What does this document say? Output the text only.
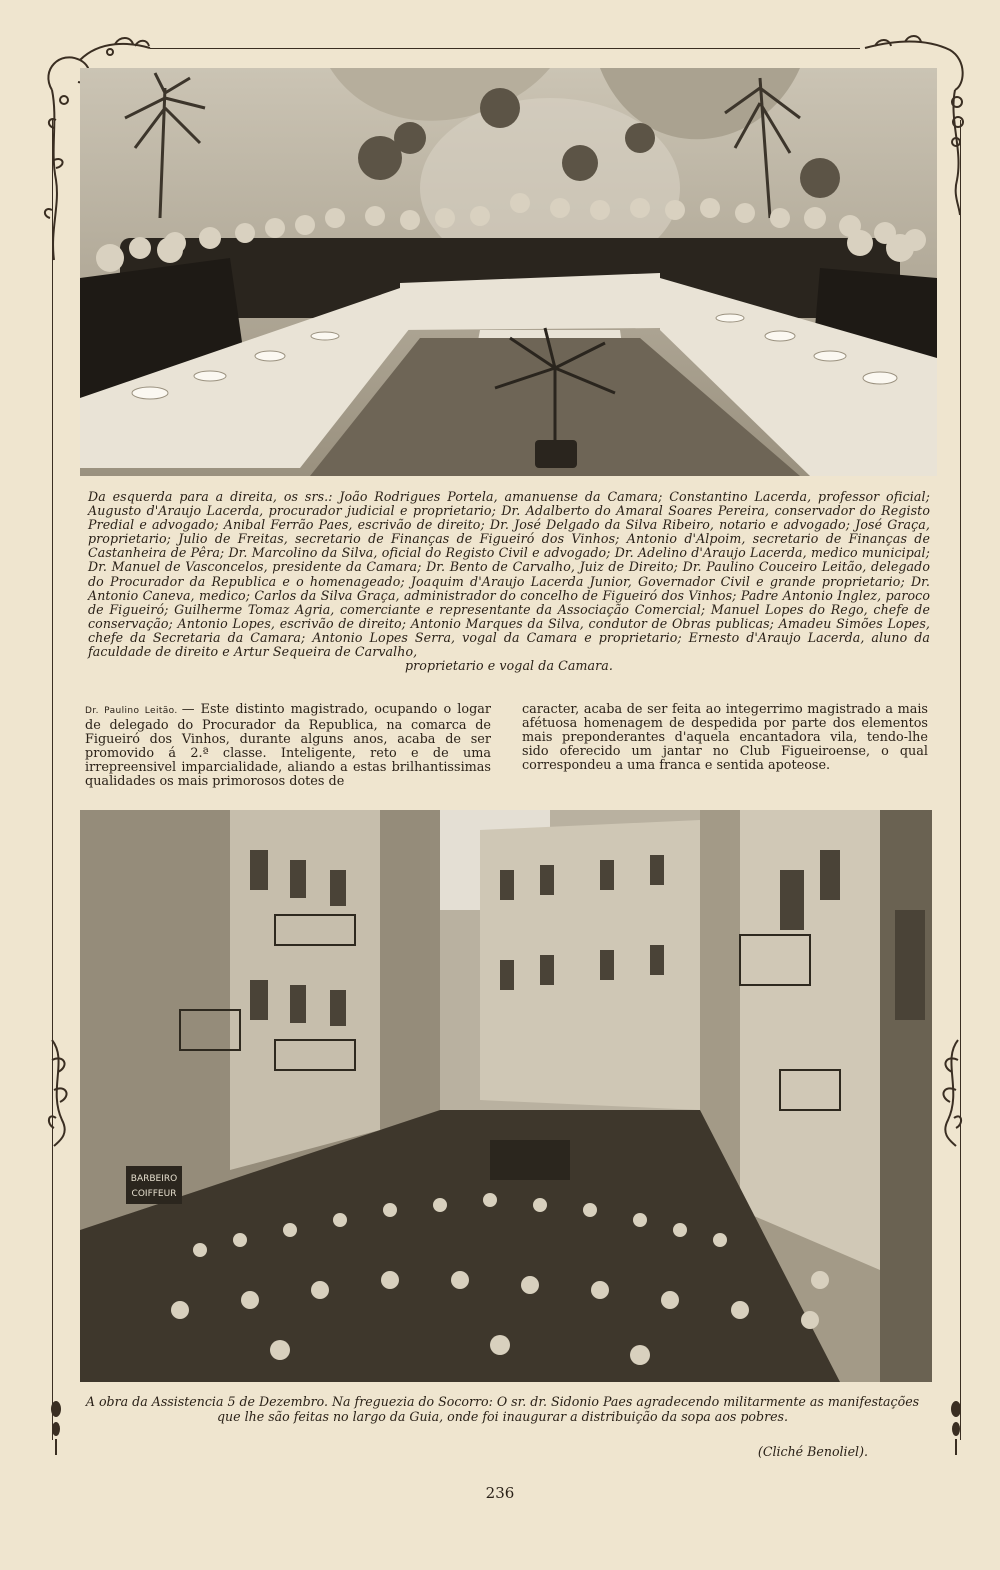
Da esquerda para a direita, os srs.: João Rodrigues Portela, amanuense da Camara; Constantino Lacerda, professor oficial; Augusto d'Araujo Lacerda, procurador judicial e proprietario; Dr. Adalberto do Amaral Soares Pereira, conservador do Registo Predial e advogado; Anibal Ferrão Paes, escrivão de direito; Dr. José Delgado da Silva Ribeiro, notario e advogado; José Graça, proprietario; Julio de Freitas, secretario de Finanças de Figueiró dos Vinhos; Antonio d'Alpoim, secretario de Finanças de Castanheira de Pêra; Dr. Marcolino da Silva, oficial do Registo Civil e advogado; Dr. Adelino d'Araujo Lacerda, medico municipal; Dr. Manuel de Vasconcelos, presidente da Camara; Dr. Bento de Carvalho, Juiz de Direito; Dr. Paulino Couceiro Leitão, delegado do Procurador da Republica e o homenageado; Joaquim d'Araujo Lacerda Junior, Governador Civil e grande proprietario; Dr. Antonio Caneva, medico; Carlos da Silva Graça, administrador do concelho de Figueiró dos Vinhos; Padre Antonio Inglez, paroco de Figueiró; Guilherme Tomaz Agria, comerciante e representante da Associação Comercial; Manuel Lopes do Rego, chefe de conservação; Antonio Lopes, escrivão de direito; Antonio Marques da Silva, condutor de Obras publicas; Amadeu Simões Lopes, chefe da Secretaria da Camara; Antonio Lopes Serra, vogal da Camara e proprietario; Ernesto d'Araujo Lacerda, aluno da faculdade de direito e Artur Sequeira de Carvalho,
proprietario e vogal da Camara.
Dr. Paulino Leitão. — Este distinto magistrado, ocupando o logar de delegado do Procurador da Republica, na comarca de Figueiró dos Vinhos, durante alguns anos, acaba de ser promovido á 2.ª classe. Inteligente, reto e de uma irrepreensivel imparcialidade, aliando a estas brilhantissimas qualidades os mais primorosos dotes de
caracter, acaba de ser feita ao integerrimo magistrado a mais afétuosa homenagem de despedida por parte dos elementos mais preponderantes d'aquela encantadora vila, tendo-lhe sido oferecido um jantar no Club Figueiroense, o qual correspondeu a uma franca e sentida apoteose.
BARBEIRO
COIFFEUR
A obra da Assistencia 5 de Dezembro. Na freguezia do Socorro: O sr. dr. Sidonio Paes agradecendo militarmente as manifestações que lhe são feitas no largo da Guia, onde foi inaugurar a distribuição da sopa aos pobres.
(Cliché Benoliel).
236
